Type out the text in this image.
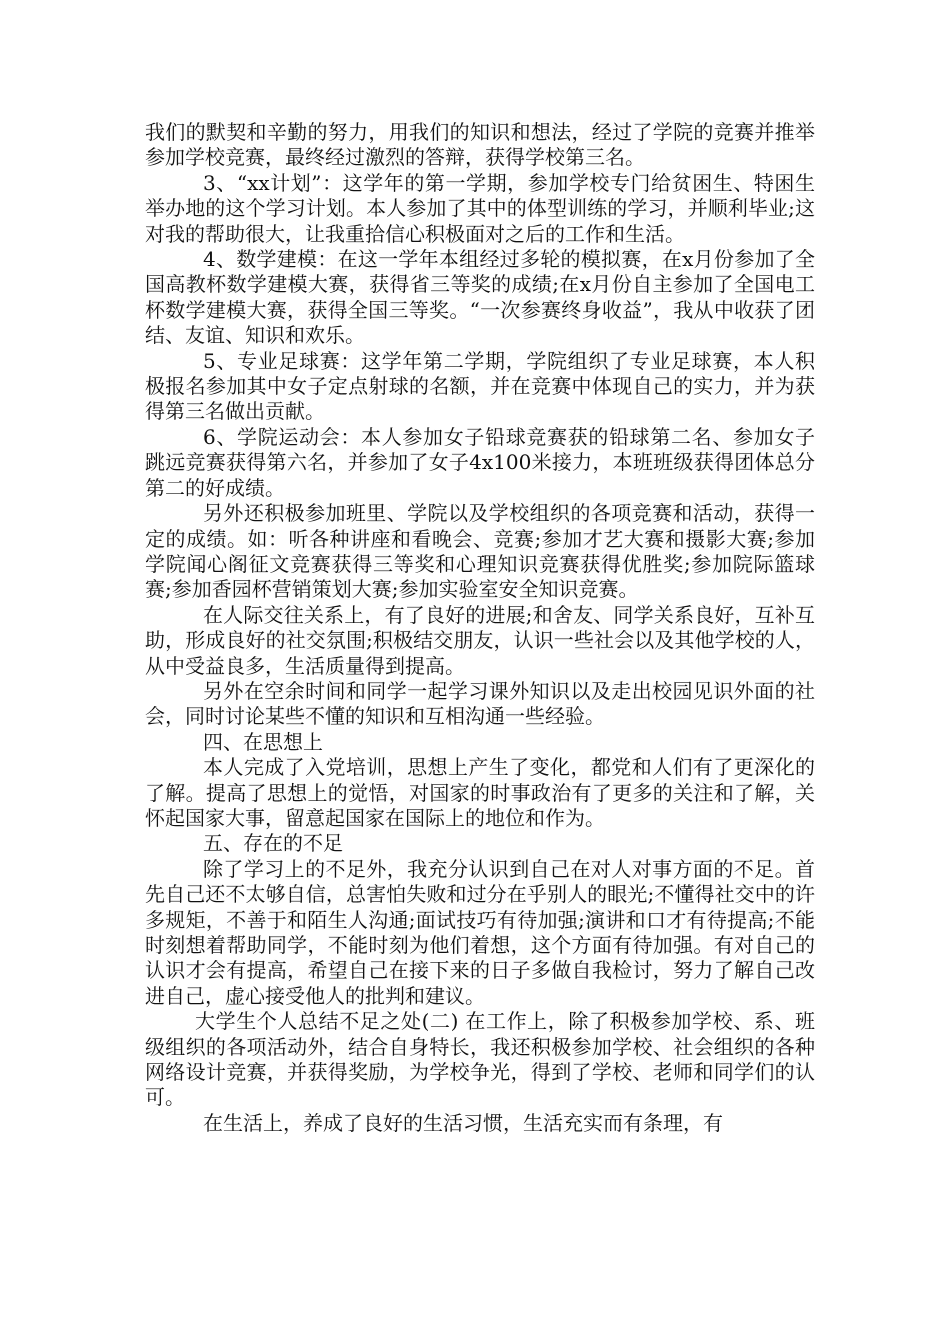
我们的默契和辛勤的努力，用我们的知识和想法，经过了学院的竞赛并推举参加学校竞赛，最终经过激烈的答辩，获得学校第三名。

3、“xx计划”：这学年的第一学期，参加学校专门给贫困生、特困生举办地的这个学习计划。本人参加了其中的体型训练的学习，并顺利毕业;这对我的帮助很大，让我重拾信心积极面对之后的工作和生活。

4、数学建模：在这一学年本组经过多轮的模拟赛，在x月份参加了全国高教杯数学建模大赛，获得省三等奖的成绩;在x月份自主参加了全国电工杯数学建模大赛，获得全国三等奖。“一次参赛终身收益”，我从中收获了团结、友谊、知识和欢乐。

5、专业足球赛：这学年第二学期，学院组织了专业足球赛，本人积极报名参加其中女子定点射球的名额，并在竞赛中体现自己的实力，并为获得第三名做出贡献。

6、学院运动会：本人参加女子铅球竞赛获的铅球第二名、参加女子跳远竞赛获得第六名，并参加了女子4x100米接力，本班班级获得团体总分第二的好成绩。

另外还积极参加班里、学院以及学校组织的各项竞赛和活动，获得一定的成绩。如：听各种讲座和看晚会、竞赛;参加才艺大赛和摄影大赛;参加学院闻心阁征文竞赛获得三等奖和心理知识竞赛获得优胜奖;参加院际篮球赛;参加香园杯营销策划大赛;参加实验室安全知识竞赛。

在人际交往关系上，有了良好的进展;和舍友、同学关系良好，互补互助，形成良好的社交氛围;积极结交朋友，认识一些社会以及其他学校的人，从中受益良多，生活质量得到提高。

另外在空余时间和同学一起学习课外知识以及走出校园见识外面的社会，同时讨论某些不懂的知识和互相沟通一些经验。

四、在思想上

本人完成了入党培训，思想上产生了变化，都党和人们有了更深化的了解。提高了思想上的觉悟，对国家的时事政治有了更多的关注和了解，关怀起国家大事，留意起国家在国际上的地位和作为。

五、存在的不足

除了学习上的不足外，我充分认识到自己在对人对事方面的不足。首先自己还不太够自信，总害怕失败和过分在乎别人的眼光;不懂得社交中的许多规矩，不善于和陌生人沟通;面试技巧有待加强;演讲和口才有待提高;不能时刻想着帮助同学，不能时刻为他们着想，这个方面有待加强。有对自己的认识才会有提高，希望自己在接下来的日子多做自我检讨，努力了解自己改进自己，虚心接受他人的批判和建议。

大学生个人总结不足之处(二) 在工作上，除了积极参加学校、系、班级组织的各项活动外，结合自身特长，我还积极参加学校、社会组织的各种网络设计竞赛，并获得奖励，为学校争光，得到了学校、老师和同学们的认可。

在生活上，养成了良好的生活习惯，生活充实而有条理，有
